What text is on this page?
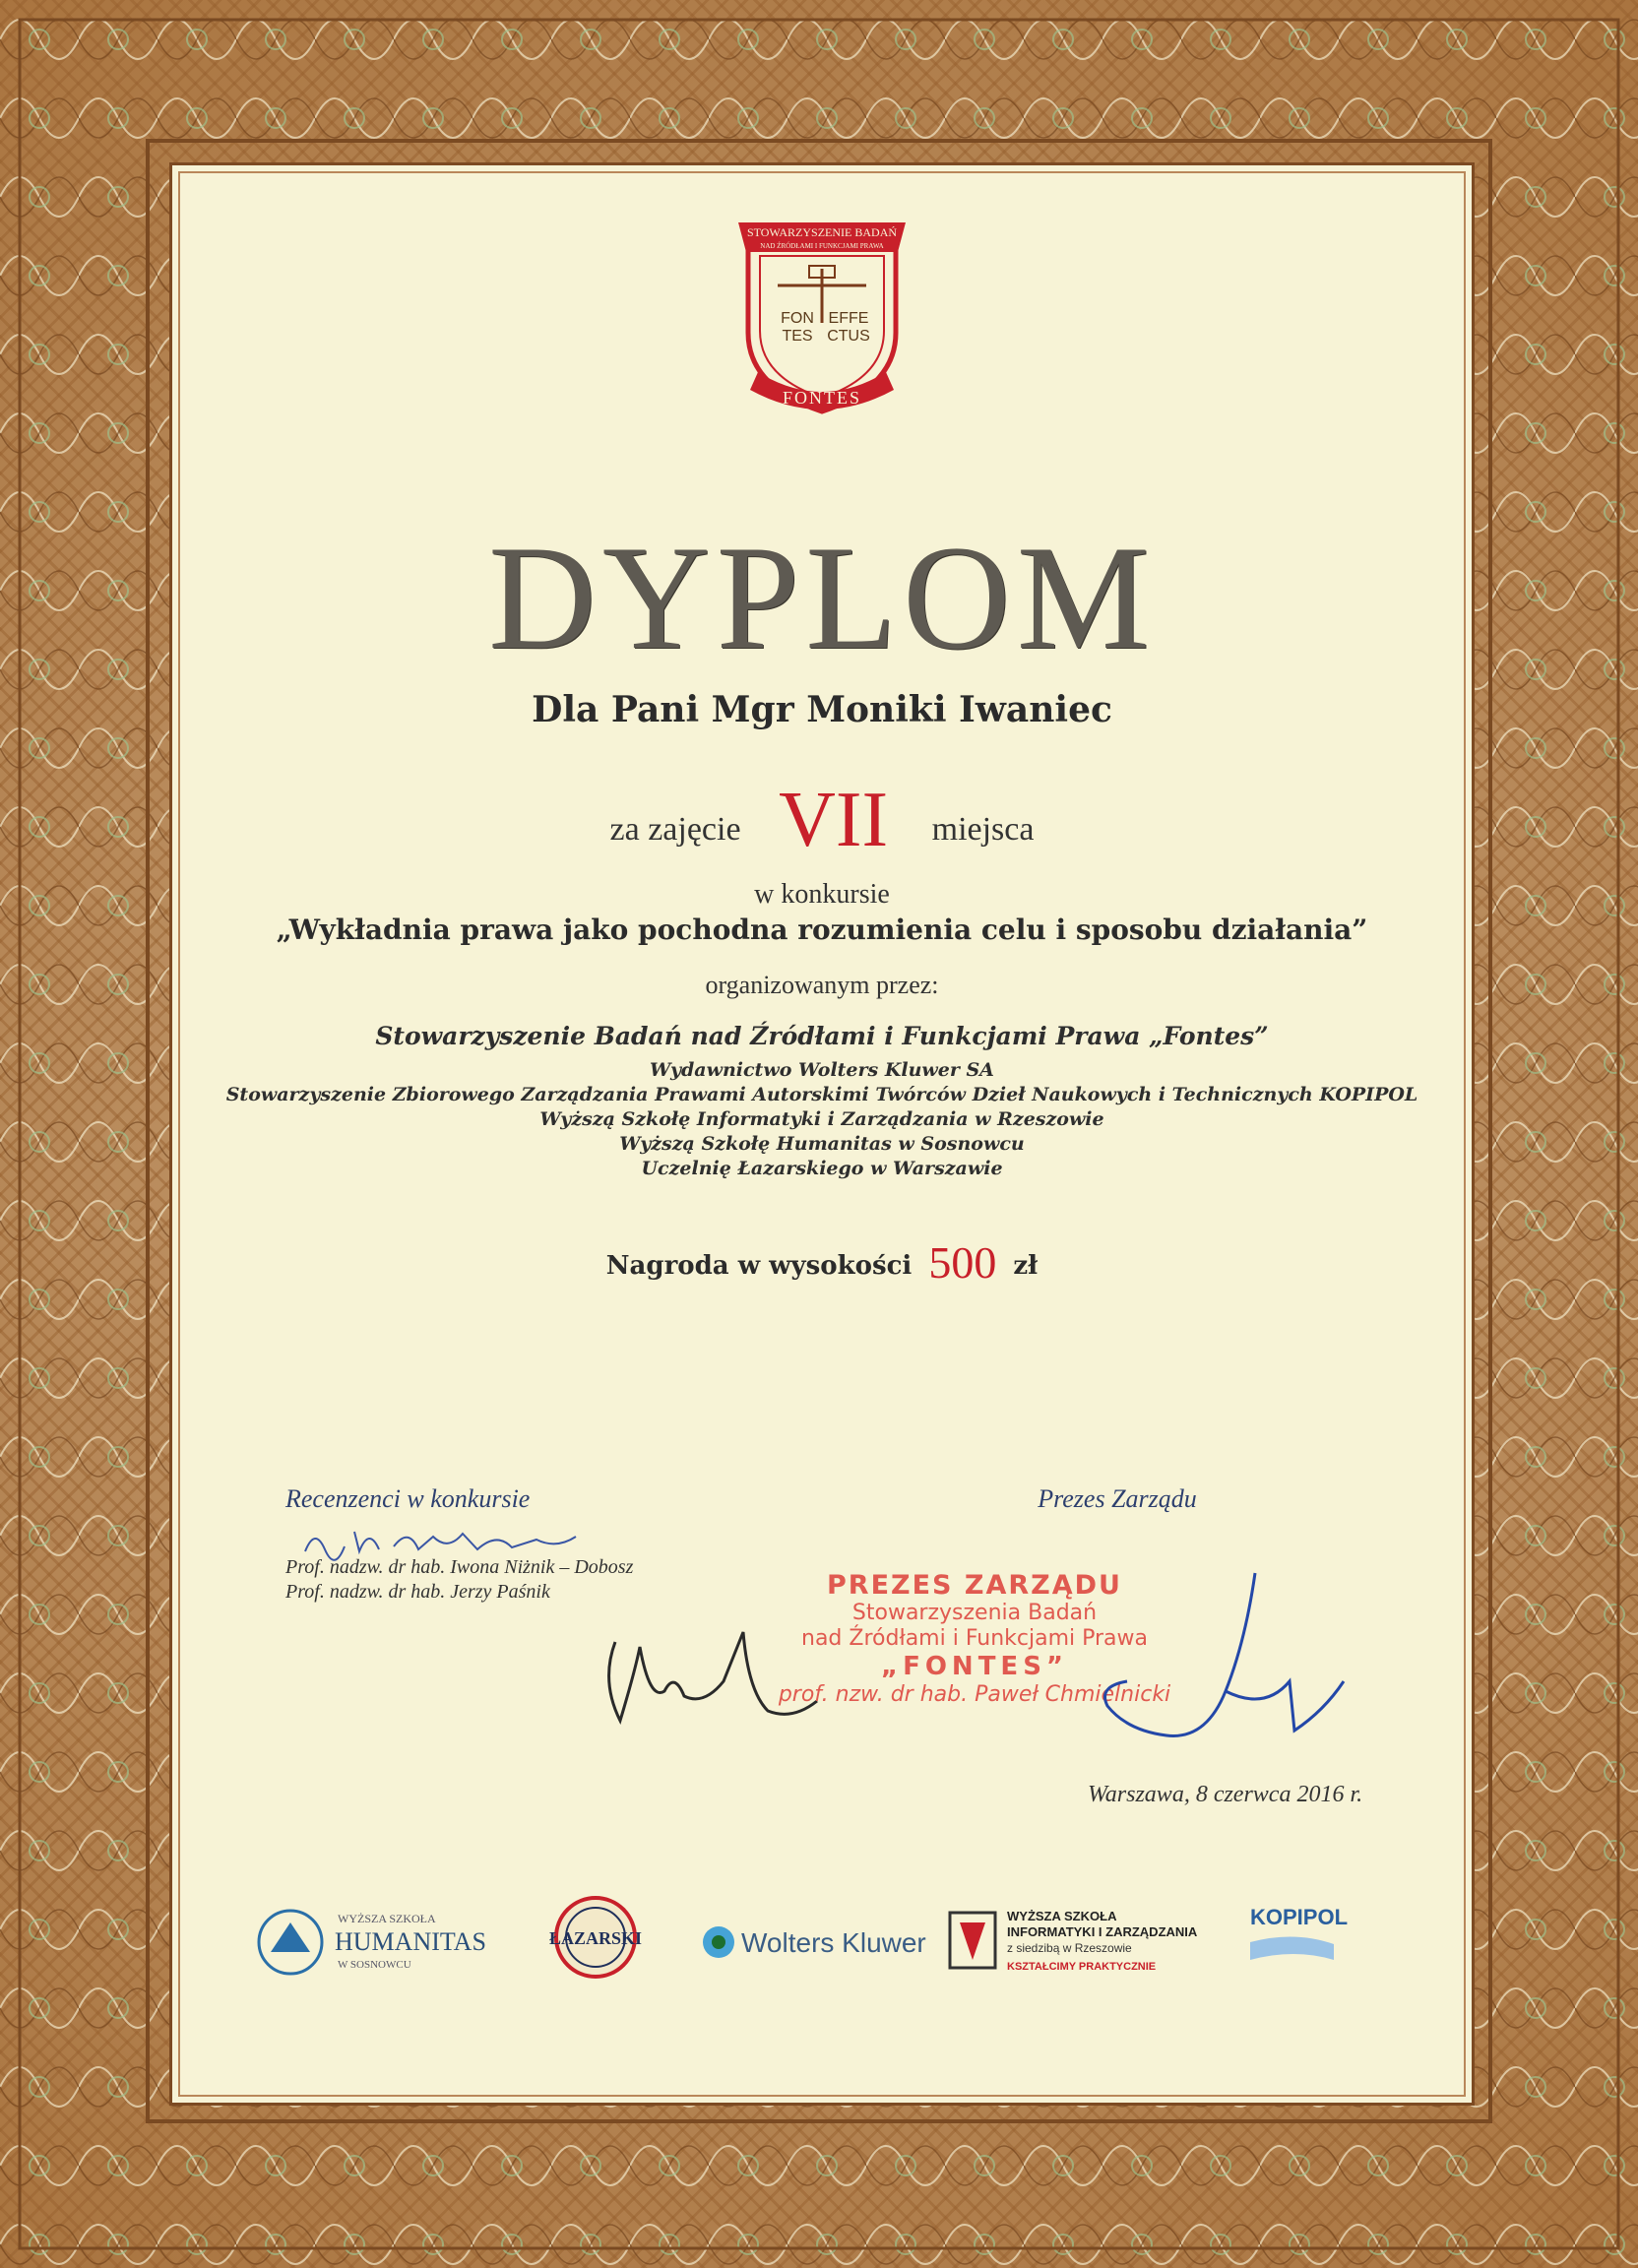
STOWARZYSZENIE BADAŃ
NAD ŹRÓDŁAMI I FUNKCJAMI PRAWA
FON
TES
EFFE
CTUS
FONTES
DYPLOM
Dla Pani Mgr Moniki Iwaniec
za zajęcie VII miejsca
w konkursie
„Wykładnia prawa jako pochodna rozumienia celu i sposobu działania”
organizowanym przez:
Stowarzyszenie Badań nad Źródłami i Funkcjami Prawa „Fontes”
Wydawnictwo Wolters Kluwer SA
Stowarzyszenie Zbiorowego Zarządzania Prawami Autorskimi Twórców Dzieł Naukowych i Technicznych KOPIPOL
Wyższą Szkołę Informatyki i Zarządzania w Rzeszowie
Wyższą Szkołę Humanitas w Sosnowcu
Uczelnię Łazarskiego w Warszawie
Nagroda w wysokości 500 zł
Recenzenci w konkursie
Prof. nadzw. dr hab. Iwona Niżnik – Dobosz
Prof. nadzw. dr hab. Jerzy Paśnik
Prezes Zarządu
PREZES ZARZĄDU
Stowarzyszenia Badań
nad Źródłami i Funkcjami Prawa
„FONTES”
prof. nzw. dr hab. Paweł Chmielnicki
Warszawa, 8 czerwca 2016 r.
WYŻSZA SZKOŁA
HUMANITAS
W SOSNOWCU
ŁAZARSKI	Wolters Kluwer
WYŻSZA SZKOŁA
INFORMATYKI I ZARZĄDZANIA
z siedzibą w Rzeszowie
KSZTAŁCIMY PRAKTYCZNIE
KOPIPOL
